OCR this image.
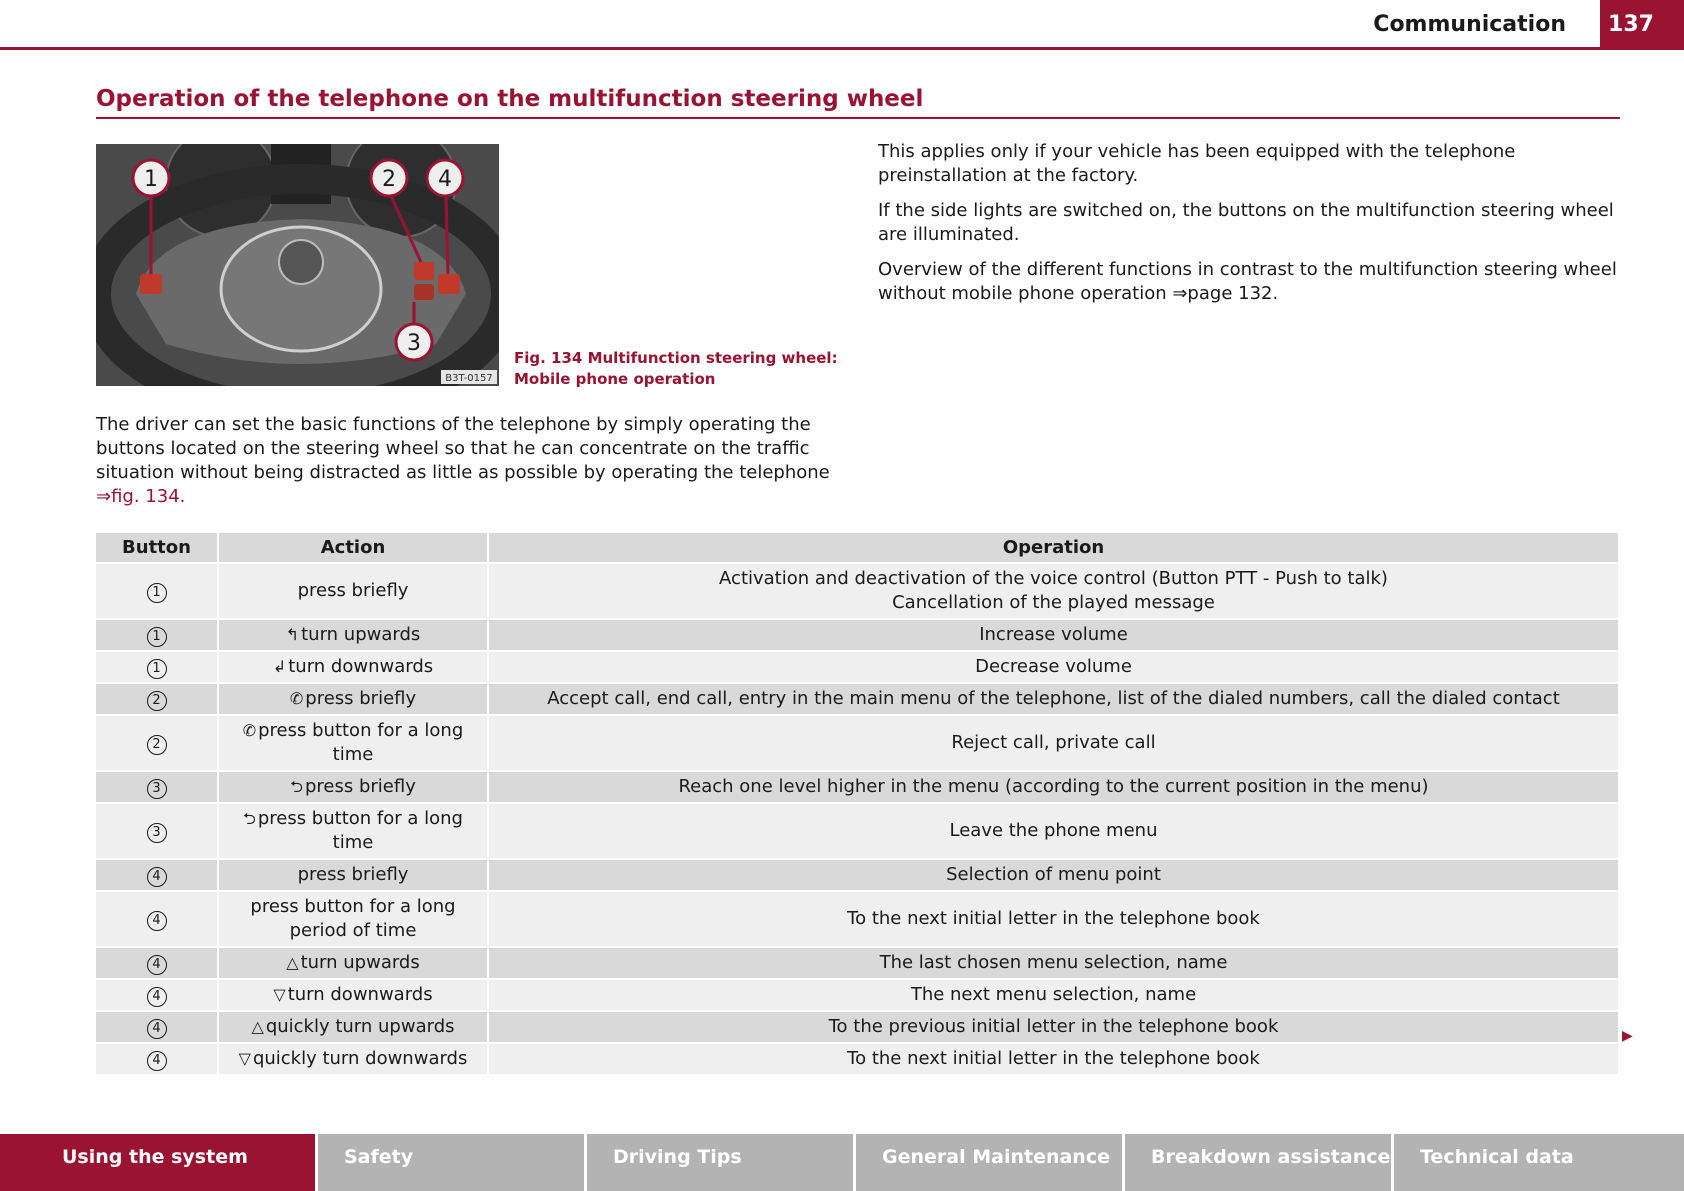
Communication	137
Operation of the telephone on the multifunction steering wheel
1	2 4
3
B3T-0157
Fig. 134 Multifunction steering wheel: Mobile phone operation

This applies only if your vehicle has been equipped with the telephone preinstallation at the factory.

If the side lights are switched on, the buttons on the multifunction steering wheel are illuminated.

Overview of the different functions in contrast to the multifunction steering wheel without mobile phone operation ⇒page 132.

The driver can set the basic functions of the telephone by simply operating the buttons located on the steering wheel so that he can concentrate on the traffic situation without being distracted as little as possible by operating the telephone ⇒fig. 134.

Button	Action	Operation
1	press briefly	Activation and deactivation of the voice control (Button PTT - Push to talk)
Cancellation of the played message

1	↰ turn upwards	Increase volume

1	↲ turn downwards	Decrease volume

2	✆ press briefly	Accept call, end call, entry in the main menu of the telephone, list of the dialed numbers, call the dialed contact

2	✆ press button for a long time	Reject call, private call

3	⮌ press briefly	Reach one level higher in the menu (according to the current position in the menu)

3	⮌ press button for a long time	Leave the phone menu

4	press briefly	Selection of menu point

4	press button for a long period of time	To the next initial letter in the telephone book

4	△ turn upwards	The last chosen menu selection, name

4	▽ turn downwards	The next menu selection, name

4	△ quickly turn upwards	To the previous initial letter in the telephone book

4	▽ quickly turn downwards	To the next initial letter in the telephone book
▶
Using the system	Safety	Driving Tips	General Maintenance	Breakdown assistance	Technical data
